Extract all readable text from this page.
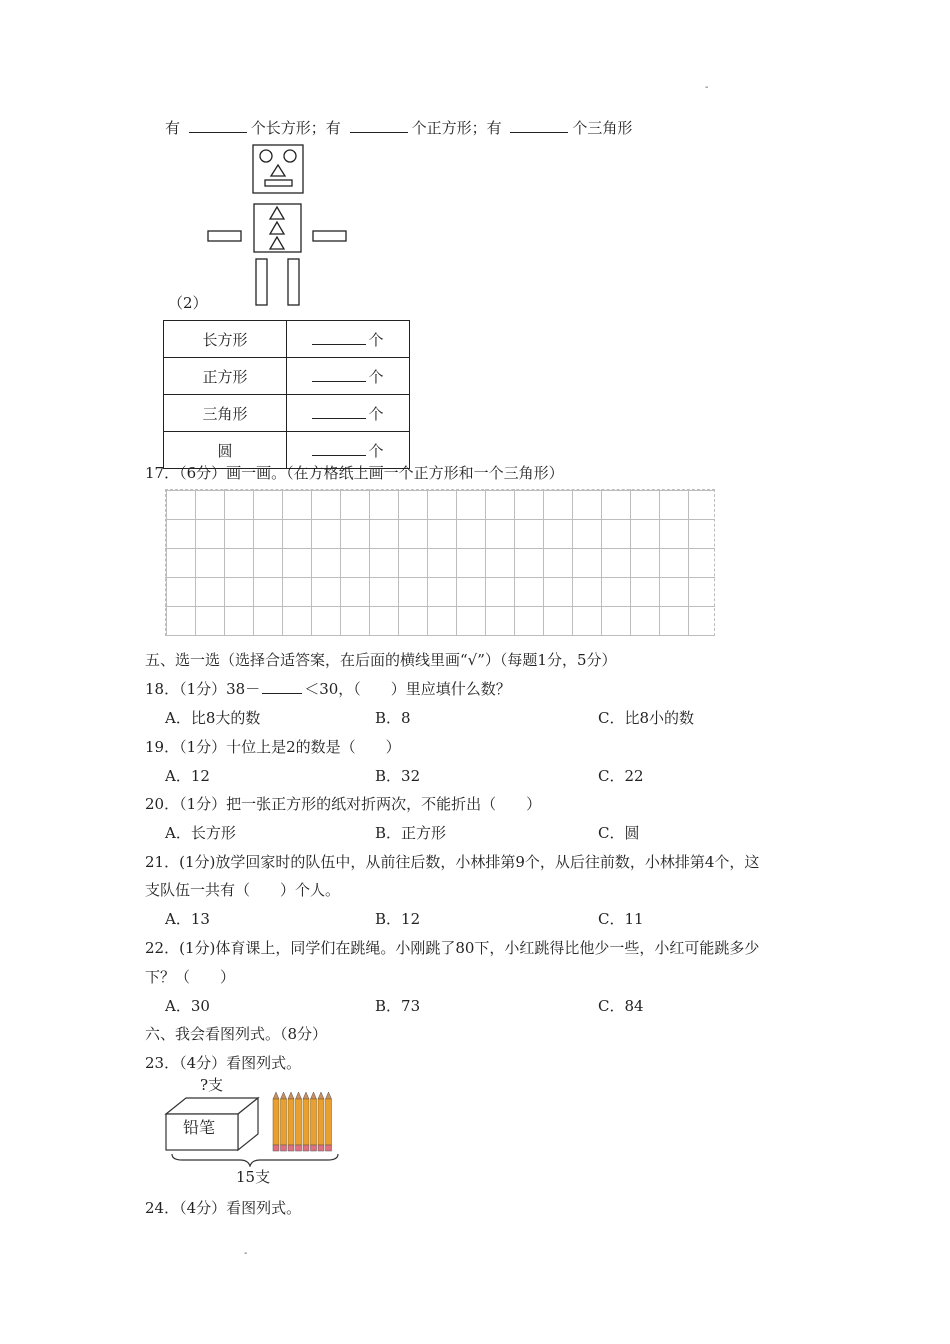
-
有	个长方形；有	个正方形；有	个三角形
（2）
长方形	个
正方形	个
三角形	个
圆	个
17．（6分）画一画。（在方格纸上画一个正方形和一个三角形）
五、选一选（选择合适答案，在后面的横线里画“√”）（每题1分，5分）
18．（1分）38－	＜30，（　　）里应填什么数？
A．比8大的数	B．8	C．比8小的数
19．（1分）十位上是2的数是（　　）
A．12	B．32	C．22
20．（1分）把一张正方形的纸对折两次，不能折出（　　）
A．长方形	B．正方形	C．圆
21．(1分)放学回家时的队伍中，从前往后数，小林排第9个，从后往前数，小林排第4个，这
支队伍一共有（　　）个人。
A．13	B．12	C．11
22．(1分)体育课上，同学们在跳绳。小刚跳了80下，小红跳得比他少一些，小红可能跳多少
下？（　　）
A．30	B．73	C．84
六、我会看图列式。（8分）
23．（4分）看图列式。
?支
铅笔
15支
24．（4分）看图列式。
-
